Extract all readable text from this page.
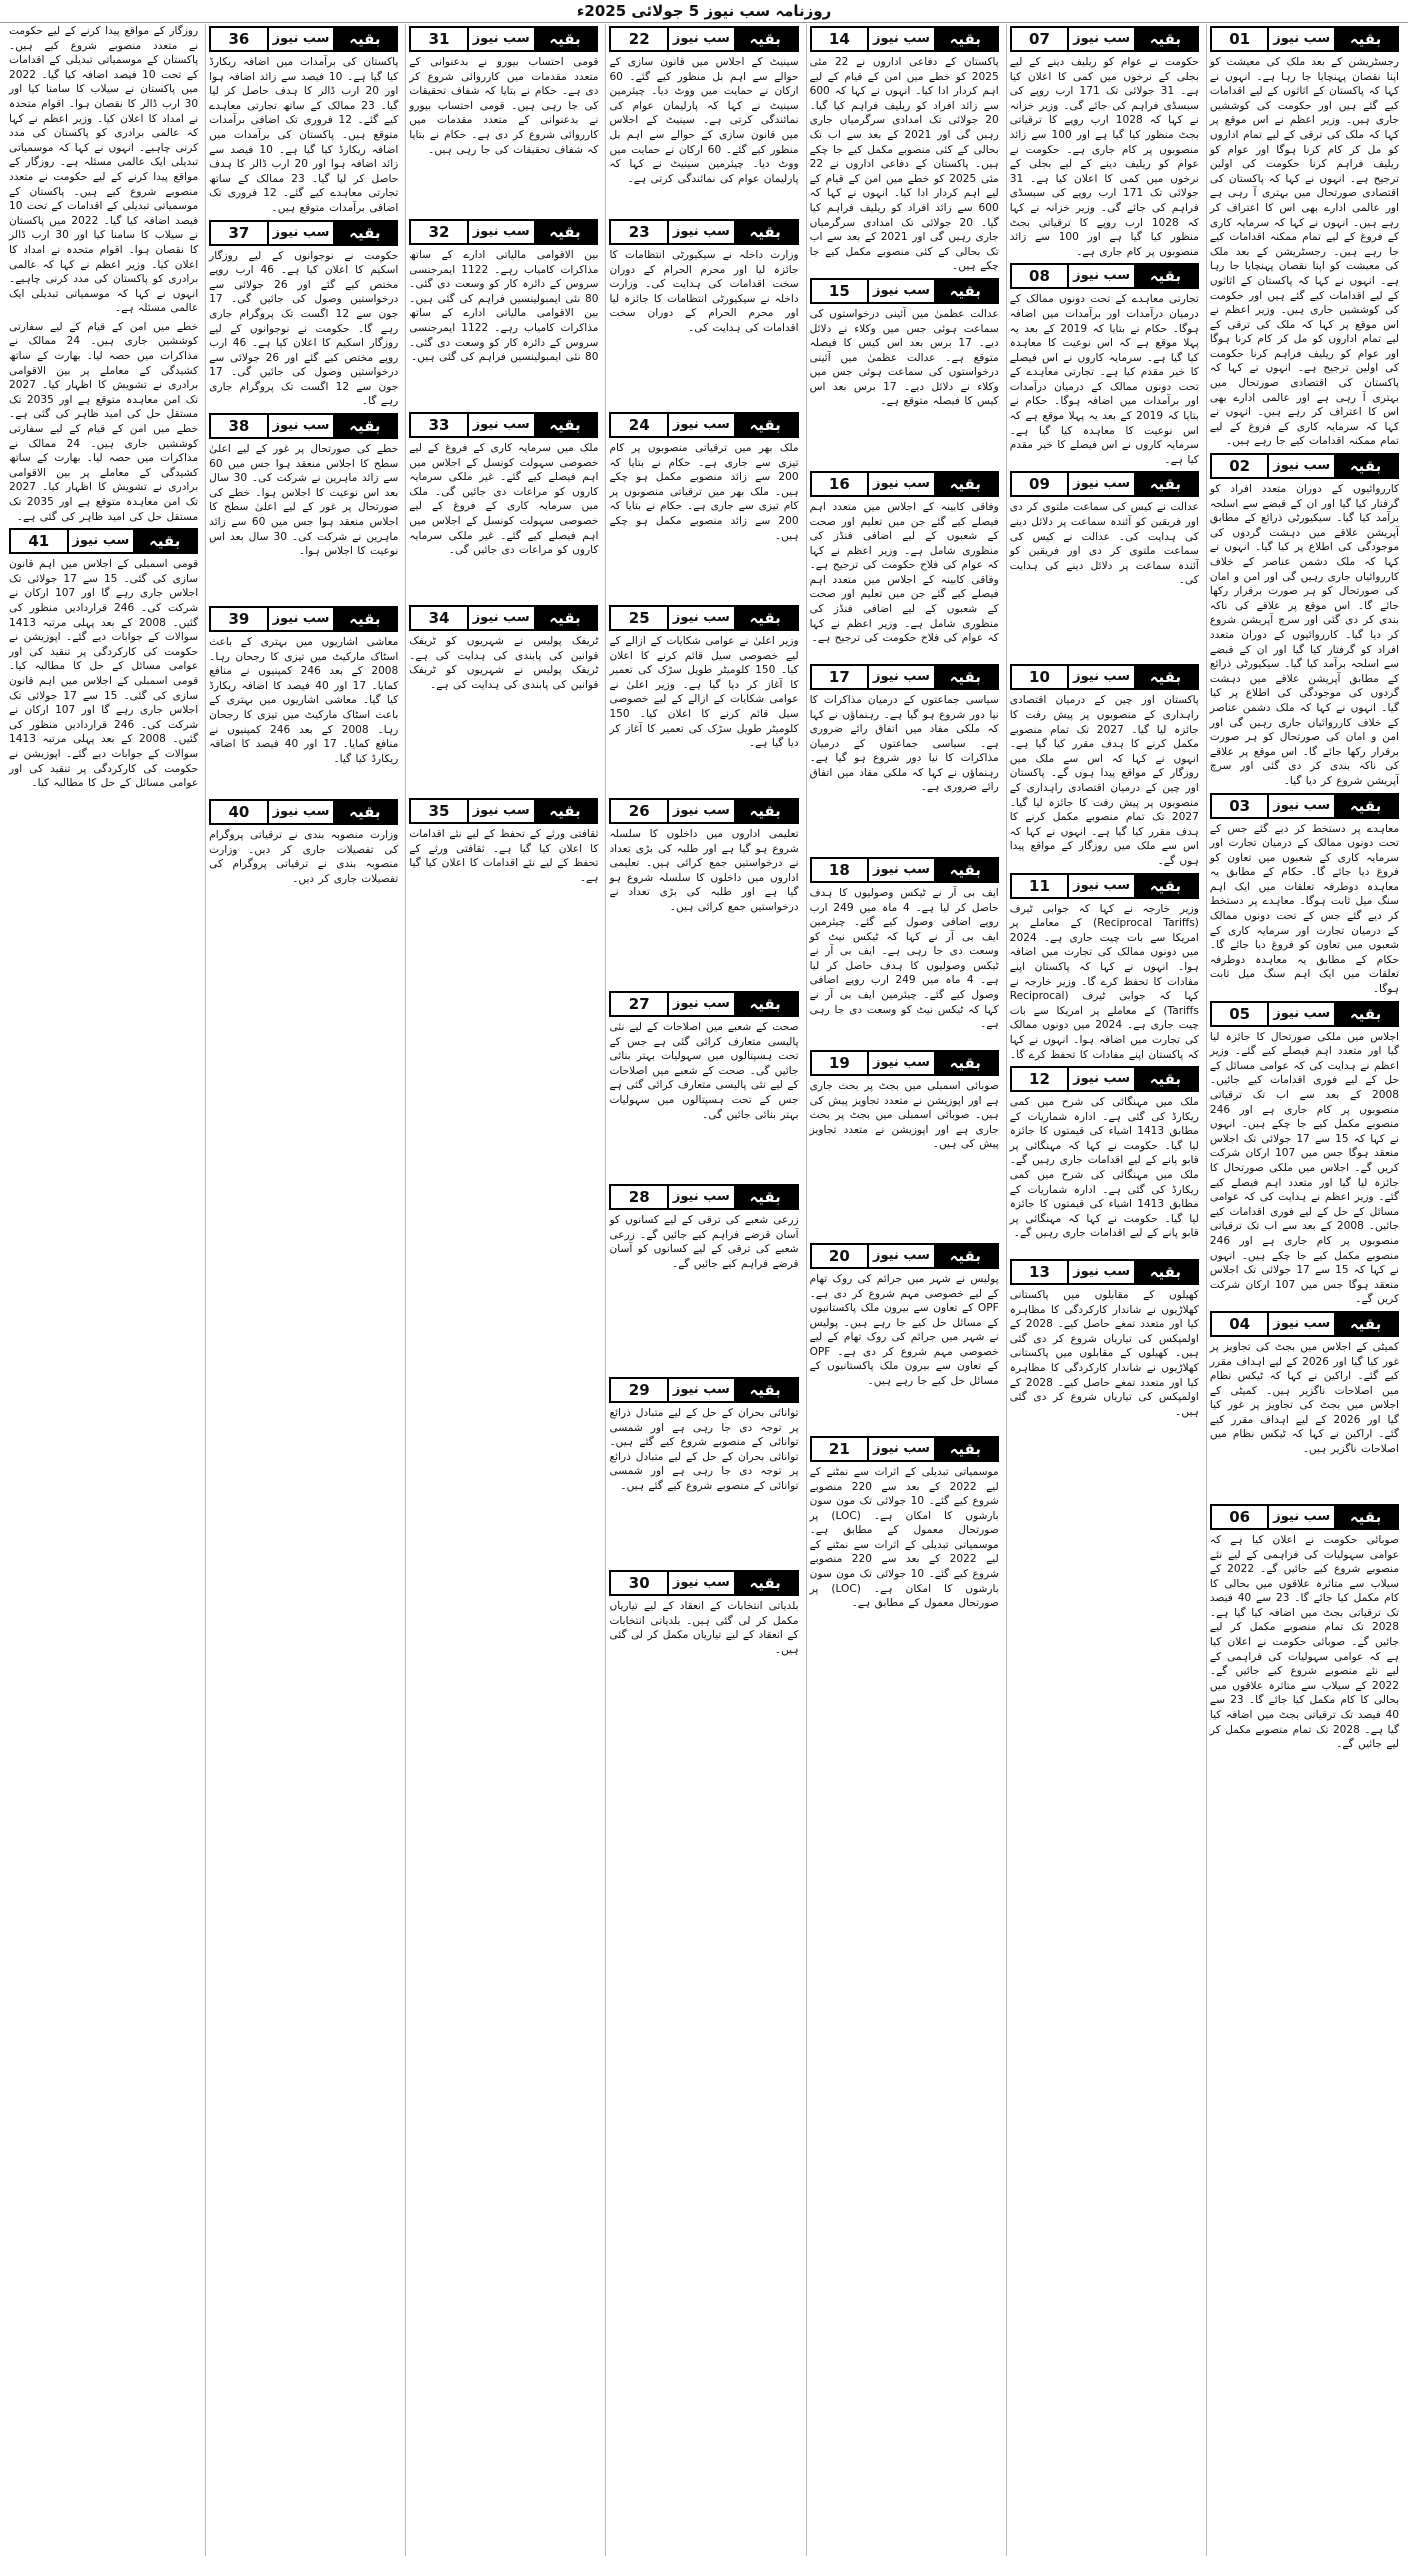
روزنامہ سب نیوز 5 جولائی 2025ء
01	سب نیوز	بقیہ
رجسٹریشن کے بعد ملک کی معیشت کو اپنا نقصان پہنچایا جا رہا ہے۔ انہوں نے کہا کہ پاکستان کے اثاثوں کے لیے اقدامات کیے گئے ہیں اور حکومت کی کوششیں جاری ہیں۔ وزیر اعظم نے اس موقع پر کہا کہ ملک کی ترقی کے لیے تمام اداروں کو مل کر کام کرنا ہوگا اور عوام کو ریلیف فراہم کرنا حکومت کی اولین ترجیح ہے۔ انہوں نے کہا کہ پاکستان کی اقتصادی صورتحال میں بہتری آ رہی ہے اور عالمی ادارے بھی اس کا اعتراف کر رہے ہیں۔ انہوں نے کہا کہ سرمایہ کاری کے فروغ کے لیے تمام ممکنہ اقدامات کیے جا رہے ہیں۔ رجسٹریشن کے بعد ملک کی معیشت کو اپنا نقصان پہنچایا جا رہا ہے۔ انہوں نے کہا کہ پاکستان کے اثاثوں کے لیے اقدامات کیے گئے ہیں اور حکومت کی کوششیں جاری ہیں۔ وزیر اعظم نے اس موقع پر کہا کہ ملک کی ترقی کے لیے تمام اداروں کو مل کر کام کرنا ہوگا اور عوام کو ریلیف فراہم کرنا حکومت کی اولین ترجیح ہے۔ انہوں نے کہا کہ پاکستان کی اقتصادی صورتحال میں بہتری آ رہی ہے اور عالمی ادارے بھی اس کا اعتراف کر رہے ہیں۔ انہوں نے کہا کہ سرمایہ کاری کے فروغ کے لیے تمام ممکنہ اقدامات کیے جا رہے ہیں۔
02	سب نیوز	بقیہ
کارروائیوں کے دوران متعدد افراد کو گرفتار کیا گیا اور ان کے قبضے سے اسلحہ برآمد کیا گیا۔ سیکیورٹی ذرائع کے مطابق آپریشن علاقے میں دہشت گردوں کی موجودگی کی اطلاع پر کیا گیا۔ انہوں نے کہا کہ ملک دشمن عناصر کے خلاف کارروائیاں جاری رہیں گی اور امن و امان کی صورتحال کو ہر صورت برقرار رکھا جائے گا۔ اس موقع پر علاقے کی ناکہ بندی کر دی گئی اور سرچ آپریشن شروع کر دیا گیا۔ کارروائیوں کے دوران متعدد افراد کو گرفتار کیا گیا اور ان کے قبضے سے اسلحہ برآمد کیا گیا۔ سیکیورٹی ذرائع کے مطابق آپریشن علاقے میں دہشت گردوں کی موجودگی کی اطلاع پر کیا گیا۔ انہوں نے کہا کہ ملک دشمن عناصر کے خلاف کارروائیاں جاری رہیں گی اور امن و امان کی صورتحال کو ہر صورت برقرار رکھا جائے گا۔ اس موقع پر علاقے کی ناکہ بندی کر دی گئی اور سرچ آپریشن شروع کر دیا گیا۔
03	سب نیوز	بقیہ
معاہدے پر دستخط کر دیے گئے جس کے تحت دونوں ممالک کے درمیان تجارت اور سرمایہ کاری کے شعبوں میں تعاون کو فروغ دیا جائے گا۔ حکام کے مطابق یہ معاہدہ دوطرفہ تعلقات میں ایک اہم سنگ میل ثابت ہوگا۔ معاہدے پر دستخط کر دیے گئے جس کے تحت دونوں ممالک کے درمیان تجارت اور سرمایہ کاری کے شعبوں میں تعاون کو فروغ دیا جائے گا۔ حکام کے مطابق یہ معاہدہ دوطرفہ تعلقات میں ایک اہم سنگ میل ثابت ہوگا۔
05	سب نیوز	بقیہ
اجلاس میں ملکی صورتحال کا جائزہ لیا گیا اور متعدد اہم فیصلے کیے گئے۔ وزیر اعظم نے ہدایت کی کہ عوامی مسائل کے حل کے لیے فوری اقدامات کیے جائیں۔ 2008 کے بعد سے اب تک ترقیاتی منصوبوں پر کام جاری ہے اور 246 منصوبے مکمل کیے جا چکے ہیں۔ انہوں نے کہا کہ 15 سے 17 جولائی تک اجلاس منعقد ہوگا جس میں 107 ارکان شرکت کریں گے۔ اجلاس میں ملکی صورتحال کا جائزہ لیا گیا اور متعدد اہم فیصلے کیے گئے۔ وزیر اعظم نے ہدایت کی کہ عوامی مسائل کے حل کے لیے فوری اقدامات کیے جائیں۔ 2008 کے بعد سے اب تک ترقیاتی منصوبوں پر کام جاری ہے اور 246 منصوبے مکمل کیے جا چکے ہیں۔ انہوں نے کہا کہ 15 سے 17 جولائی تک اجلاس منعقد ہوگا جس میں 107 ارکان شرکت کریں گے۔
04	سب نیوز	بقیہ
کمیٹی کے اجلاس میں بجٹ کی تجاویز پر غور کیا گیا اور 2026 کے لیے اہداف مقرر کیے گئے۔ اراکین نے کہا کہ ٹیکس نظام میں اصلاحات ناگزیر ہیں۔ کمیٹی کے اجلاس میں بجٹ کی تجاویز پر غور کیا گیا اور 2026 کے لیے اہداف مقرر کیے گئے۔ اراکین نے کہا کہ ٹیکس نظام میں اصلاحات ناگزیر ہیں۔
06	سب نیوز	بقیہ
صوبائی حکومت نے اعلان کیا ہے کہ عوامی سہولیات کی فراہمی کے لیے نئے منصوبے شروع کیے جائیں گے۔ 2022 کے سیلاب سے متاثرہ علاقوں میں بحالی کا کام مکمل کیا جائے گا۔ 23 سے 40 فیصد تک ترقیاتی بجٹ میں اضافہ کیا گیا ہے۔ 2028 تک تمام منصوبے مکمل کر لیے جائیں گے۔ صوبائی حکومت نے اعلان کیا ہے کہ عوامی سہولیات کی فراہمی کے لیے نئے منصوبے شروع کیے جائیں گے۔ 2022 کے سیلاب سے متاثرہ علاقوں میں بحالی کا کام مکمل کیا جائے گا۔ 23 سے 40 فیصد تک ترقیاتی بجٹ میں اضافہ کیا گیا ہے۔ 2028 تک تمام منصوبے مکمل کر لیے جائیں گے۔
07	سب نیوز	بقیہ
حکومت نے عوام کو ریلیف دینے کے لیے بجلی کے نرخوں میں کمی کا اعلان کیا ہے۔ 31 جولائی تک 171 ارب روپے کی سبسڈی فراہم کی جائے گی۔ وزیر خزانہ نے کہا کہ 1028 ارب روپے کا ترقیاتی بجٹ منظور کیا گیا ہے اور 100 سے زائد منصوبوں پر کام جاری ہے۔ حکومت نے عوام کو ریلیف دینے کے لیے بجلی کے نرخوں میں کمی کا اعلان کیا ہے۔ 31 جولائی تک 171 ارب روپے کی سبسڈی فراہم کی جائے گی۔ وزیر خزانہ نے کہا کہ 1028 ارب روپے کا ترقیاتی بجٹ منظور کیا گیا ہے اور 100 سے زائد منصوبوں پر کام جاری ہے۔
08	سب نیوز	بقیہ
تجارتی معاہدے کے تحت دونوں ممالک کے درمیان درآمدات اور برآمدات میں اضافہ ہوگا۔ حکام نے بتایا کہ 2019 کے بعد یہ پہلا موقع ہے کہ اس نوعیت کا معاہدہ کیا گیا ہے۔ سرمایہ کاروں نے اس فیصلے کا خیر مقدم کیا ہے۔ تجارتی معاہدے کے تحت دونوں ممالک کے درمیان درآمدات اور برآمدات میں اضافہ ہوگا۔ حکام نے بتایا کہ 2019 کے بعد یہ پہلا موقع ہے کہ اس نوعیت کا معاہدہ کیا گیا ہے۔ سرمایہ کاروں نے اس فیصلے کا خیر مقدم کیا ہے۔
09	سب نیوز	بقیہ
عدالت نے کیس کی سماعت ملتوی کر دی اور فریقین کو آئندہ سماعت پر دلائل دینے کی ہدایت کی۔ عدالت نے کیس کی سماعت ملتوی کر دی اور فریقین کو آئندہ سماعت پر دلائل دینے کی ہدایت کی۔
10	سب نیوز	بقیہ
پاکستان اور چین کے درمیان اقتصادی راہداری کے منصوبوں پر پیش رفت کا جائزہ لیا گیا۔ 2027 تک تمام منصوبے مکمل کرنے کا ہدف مقرر کیا گیا ہے۔ انہوں نے کہا کہ اس سے ملک میں روزگار کے مواقع پیدا ہوں گے۔ پاکستان اور چین کے درمیان اقتصادی راہداری کے منصوبوں پر پیش رفت کا جائزہ لیا گیا۔ 2027 تک تمام منصوبے مکمل کرنے کا ہدف مقرر کیا گیا ہے۔ انہوں نے کہا کہ اس سے ملک میں روزگار کے مواقع پیدا ہوں گے۔
11	سب نیوز	بقیہ
وزیر خارجہ نے کہا کہ جوابی ٹیرف (Reciprocal Tariffs) کے معاملے پر امریکا سے بات چیت جاری ہے۔ 2024 میں دونوں ممالک کی تجارت میں اضافہ ہوا۔ انہوں نے کہا کہ پاکستان اپنے مفادات کا تحفظ کرے گا۔ وزیر خارجہ نے کہا کہ جوابی ٹیرف (Reciprocal Tariffs) کے معاملے پر امریکا سے بات چیت جاری ہے۔ 2024 میں دونوں ممالک کی تجارت میں اضافہ ہوا۔ انہوں نے کہا کہ پاکستان اپنے مفادات کا تحفظ کرے گا۔
12	سب نیوز	بقیہ
ملک میں مہنگائی کی شرح میں کمی ریکارڈ کی گئی ہے۔ ادارہ شماریات کے مطابق 1413 اشیاء کی قیمتوں کا جائزہ لیا گیا۔ حکومت نے کہا کہ مہنگائی پر قابو پانے کے لیے اقدامات جاری رہیں گے۔ ملک میں مہنگائی کی شرح میں کمی ریکارڈ کی گئی ہے۔ ادارہ شماریات کے مطابق 1413 اشیاء کی قیمتوں کا جائزہ لیا گیا۔ حکومت نے کہا کہ مہنگائی پر قابو پانے کے لیے اقدامات جاری رہیں گے۔
13	سب نیوز	بقیہ
کھیلوں کے مقابلوں میں پاکستانی کھلاڑیوں نے شاندار کارکردگی کا مظاہرہ کیا اور متعدد تمغے حاصل کیے۔ 2028 کے اولمپکس کی تیاریاں شروع کر دی گئی ہیں۔ کھیلوں کے مقابلوں میں پاکستانی کھلاڑیوں نے شاندار کارکردگی کا مظاہرہ کیا اور متعدد تمغے حاصل کیے۔ 2028 کے اولمپکس کی تیاریاں شروع کر دی گئی ہیں۔
14	سب نیوز	بقیہ
پاکستان کے دفاعی اداروں نے 22 مئی 2025 کو خطے میں امن کے قیام کے لیے اہم کردار ادا کیا۔ انہوں نے کہا کہ 600 سے زائد افراد کو ریلیف فراہم کیا گیا۔ 20 جولائی تک امدادی سرگرمیاں جاری رہیں گی اور 2021 کے بعد سے اب تک بحالی کے کئی منصوبے مکمل کیے جا چکے ہیں۔ پاکستان کے دفاعی اداروں نے 22 مئی 2025 کو خطے میں امن کے قیام کے لیے اہم کردار ادا کیا۔ انہوں نے کہا کہ 600 سے زائد افراد کو ریلیف فراہم کیا گیا۔ 20 جولائی تک امدادی سرگرمیاں جاری رہیں گی اور 2021 کے بعد سے اب تک بحالی کے کئی منصوبے مکمل کیے جا چکے ہیں۔
15	سب نیوز	بقیہ
عدالت عظمیٰ میں آئینی درخواستوں کی سماعت ہوئی جس میں وکلاء نے دلائل دیے۔ 17 برس بعد اس کیس کا فیصلہ متوقع ہے۔ عدالت عظمیٰ میں آئینی درخواستوں کی سماعت ہوئی جس میں وکلاء نے دلائل دیے۔ 17 برس بعد اس کیس کا فیصلہ متوقع ہے۔
16	سب نیوز	بقیہ
وفاقی کابینہ کے اجلاس میں متعدد اہم فیصلے کیے گئے جن میں تعلیم اور صحت کے شعبوں کے لیے اضافی فنڈز کی منظوری شامل ہے۔ وزیر اعظم نے کہا کہ عوام کی فلاح حکومت کی ترجیح ہے۔ وفاقی کابینہ کے اجلاس میں متعدد اہم فیصلے کیے گئے جن میں تعلیم اور صحت کے شعبوں کے لیے اضافی فنڈز کی منظوری شامل ہے۔ وزیر اعظم نے کہا کہ عوام کی فلاح حکومت کی ترجیح ہے۔
17	سب نیوز	بقیہ
سیاسی جماعتوں کے درمیان مذاکرات کا نیا دور شروع ہو گیا ہے۔ رہنماؤں نے کہا کہ ملکی مفاد میں اتفاق رائے ضروری ہے۔ سیاسی جماعتوں کے درمیان مذاکرات کا نیا دور شروع ہو گیا ہے۔ رہنماؤں نے کہا کہ ملکی مفاد میں اتفاق رائے ضروری ہے۔
18	سب نیوز	بقیہ
ایف بی آر نے ٹیکس وصولیوں کا ہدف حاصل کر لیا ہے۔ 4 ماہ میں 249 ارب روپے اضافی وصول کیے گئے۔ چیئرمین ایف بی آر نے کہا کہ ٹیکس نیٹ کو وسعت دی جا رہی ہے۔ ایف بی آر نے ٹیکس وصولیوں کا ہدف حاصل کر لیا ہے۔ 4 ماہ میں 249 ارب روپے اضافی وصول کیے گئے۔ چیئرمین ایف بی آر نے کہا کہ ٹیکس نیٹ کو وسعت دی جا رہی ہے۔
19	سب نیوز	بقیہ
صوبائی اسمبلی میں بجٹ پر بحث جاری ہے اور اپوزیشن نے متعدد تجاویز پیش کی ہیں۔ صوبائی اسمبلی میں بجٹ پر بحث جاری ہے اور اپوزیشن نے متعدد تجاویز پیش کی ہیں۔
20	سب نیوز	بقیہ
پولیس نے شہر میں جرائم کی روک تھام کے لیے خصوصی مہم شروع کر دی ہے۔ OPF کے تعاون سے بیرون ملک پاکستانیوں کے مسائل حل کیے جا رہے ہیں۔ پولیس نے شہر میں جرائم کی روک تھام کے لیے خصوصی مہم شروع کر دی ہے۔ OPF کے تعاون سے بیرون ملک پاکستانیوں کے مسائل حل کیے جا رہے ہیں۔
21	سب نیوز	بقیہ
موسمیاتی تبدیلی کے اثرات سے نمٹنے کے لیے 2022 کے بعد سے 220 منصوبے شروع کیے گئے۔ 10 جولائی تک مون سون بارشوں کا امکان ہے۔ (LOC) پر صورتحال معمول کے مطابق ہے۔ موسمیاتی تبدیلی کے اثرات سے نمٹنے کے لیے 2022 کے بعد سے 220 منصوبے شروع کیے گئے۔ 10 جولائی تک مون سون بارشوں کا امکان ہے۔ (LOC) پر صورتحال معمول کے مطابق ہے۔
22	سب نیوز	بقیہ
سینیٹ کے اجلاس میں قانون سازی کے حوالے سے اہم بل منظور کیے گئے۔ 60 ارکان نے حمایت میں ووٹ دیا۔ چیئرمین سینیٹ نے کہا کہ پارلیمان عوام کی نمائندگی کرتی ہے۔ سینیٹ کے اجلاس میں قانون سازی کے حوالے سے اہم بل منظور کیے گئے۔ 60 ارکان نے حمایت میں ووٹ دیا۔ چیئرمین سینیٹ نے کہا کہ پارلیمان عوام کی نمائندگی کرتی ہے۔
23	سب نیوز	بقیہ
وزارت داخلہ نے سیکیورٹی انتظامات کا جائزہ لیا اور محرم الحرام کے دوران سخت اقدامات کی ہدایت کی۔ وزارت داخلہ نے سیکیورٹی انتظامات کا جائزہ لیا اور محرم الحرام کے دوران سخت اقدامات کی ہدایت کی۔
24	سب نیوز	بقیہ
ملک بھر میں ترقیاتی منصوبوں پر کام تیزی سے جاری ہے۔ حکام نے بتایا کہ 200 سے زائد منصوبے مکمل ہو چکے ہیں۔ ملک بھر میں ترقیاتی منصوبوں پر کام تیزی سے جاری ہے۔ حکام نے بتایا کہ 200 سے زائد منصوبے مکمل ہو چکے ہیں۔
25	سب نیوز	بقیہ
وزیر اعلیٰ نے عوامی شکایات کے ازالے کے لیے خصوصی سیل قائم کرنے کا اعلان کیا۔ 150 کلومیٹر طویل سڑک کی تعمیر کا آغاز کر دیا گیا ہے۔ وزیر اعلیٰ نے عوامی شکایات کے ازالے کے لیے خصوصی سیل قائم کرنے کا اعلان کیا۔ 150 کلومیٹر طویل سڑک کی تعمیر کا آغاز کر دیا گیا ہے۔
26	سب نیوز	بقیہ
تعلیمی اداروں میں داخلوں کا سلسلہ شروع ہو گیا ہے اور طلبہ کی بڑی تعداد نے درخواستیں جمع کرائی ہیں۔ تعلیمی اداروں میں داخلوں کا سلسلہ شروع ہو گیا ہے اور طلبہ کی بڑی تعداد نے درخواستیں جمع کرائی ہیں۔
27	سب نیوز	بقیہ
صحت کے شعبے میں اصلاحات کے لیے نئی پالیسی متعارف کرائی گئی ہے جس کے تحت ہسپتالوں میں سہولیات بہتر بنائی جائیں گی۔ صحت کے شعبے میں اصلاحات کے لیے نئی پالیسی متعارف کرائی گئی ہے جس کے تحت ہسپتالوں میں سہولیات بہتر بنائی جائیں گی۔
28	سب نیوز	بقیہ
زرعی شعبے کی ترقی کے لیے کسانوں کو آسان قرضے فراہم کیے جائیں گے۔ زرعی شعبے کی ترقی کے لیے کسانوں کو آسان قرضے فراہم کیے جائیں گے۔
29	سب نیوز	بقیہ
توانائی بحران کے حل کے لیے متبادل ذرائع پر توجہ دی جا رہی ہے اور شمسی توانائی کے منصوبے شروع کیے گئے ہیں۔ توانائی بحران کے حل کے لیے متبادل ذرائع پر توجہ دی جا رہی ہے اور شمسی توانائی کے منصوبے شروع کیے گئے ہیں۔
30	سب نیوز	بقیہ
بلدیاتی انتخابات کے انعقاد کے لیے تیاریاں مکمل کر لی گئی ہیں۔ بلدیاتی انتخابات کے انعقاد کے لیے تیاریاں مکمل کر لی گئی ہیں۔
31	سب نیوز	بقیہ
قومی احتساب بیورو نے بدعنوانی کے متعدد مقدمات میں کارروائی شروع کر دی ہے۔ حکام نے بتایا کہ شفاف تحقیقات کی جا رہی ہیں۔ قومی احتساب بیورو نے بدعنوانی کے متعدد مقدمات میں کارروائی شروع کر دی ہے۔ حکام نے بتایا کہ شفاف تحقیقات کی جا رہی ہیں۔
32	سب نیوز	بقیہ
بین الاقوامی مالیاتی ادارے کے ساتھ مذاکرات کامیاب رہے۔ 1122 ایمرجنسی سروس کے دائرہ کار کو وسعت دی گئی۔ 80 نئی ایمبولینسیں فراہم کی گئی ہیں۔ بین الاقوامی مالیاتی ادارے کے ساتھ مذاکرات کامیاب رہے۔ 1122 ایمرجنسی سروس کے دائرہ کار کو وسعت دی گئی۔ 80 نئی ایمبولینسیں فراہم کی گئی ہیں۔
33	سب نیوز	بقیہ
ملک میں سرمایہ کاری کے فروغ کے لیے خصوصی سہولت کونسل کے اجلاس میں اہم فیصلے کیے گئے۔ غیر ملکی سرمایہ کاروں کو مراعات دی جائیں گی۔ ملک میں سرمایہ کاری کے فروغ کے لیے خصوصی سہولت کونسل کے اجلاس میں اہم فیصلے کیے گئے۔ غیر ملکی سرمایہ کاروں کو مراعات دی جائیں گی۔
34	سب نیوز	بقیہ
ٹریفک پولیس نے شہریوں کو ٹریفک قوانین کی پابندی کی ہدایت کی ہے۔ ٹریفک پولیس نے شہریوں کو ٹریفک قوانین کی پابندی کی ہدایت کی ہے۔
35	سب نیوز	بقیہ
ثقافتی ورثے کے تحفظ کے لیے نئے اقدامات کا اعلان کیا گیا ہے۔ ثقافتی ورثے کے تحفظ کے لیے نئے اقدامات کا اعلان کیا گیا ہے۔
36	سب نیوز	بقیہ
پاکستان کی برآمدات میں اضافہ ریکارڈ کیا گیا ہے۔ 10 فیصد سے زائد اضافہ ہوا اور 20 ارب ڈالر کا ہدف حاصل کر لیا گیا۔ 23 ممالک کے ساتھ تجارتی معاہدے کیے گئے۔ 12 فروری تک اضافی برآمدات متوقع ہیں۔ پاکستان کی برآمدات میں اضافہ ریکارڈ کیا گیا ہے۔ 10 فیصد سے زائد اضافہ ہوا اور 20 ارب ڈالر کا ہدف حاصل کر لیا گیا۔ 23 ممالک کے ساتھ تجارتی معاہدے کیے گئے۔ 12 فروری تک اضافی برآمدات متوقع ہیں۔
37	سب نیوز	بقیہ
حکومت نے نوجوانوں کے لیے روزگار اسکیم کا اعلان کیا ہے۔ 46 ارب روپے مختص کیے گئے اور 26 جولائی سے درخواستیں وصول کی جائیں گی۔ 17 جون سے 12 اگست تک پروگرام جاری رہے گا۔ حکومت نے نوجوانوں کے لیے روزگار اسکیم کا اعلان کیا ہے۔ 46 ارب روپے مختص کیے گئے اور 26 جولائی سے درخواستیں وصول کی جائیں گی۔ 17 جون سے 12 اگست تک پروگرام جاری رہے گا۔
38	سب نیوز	بقیہ
خطے کی صورتحال پر غور کے لیے اعلیٰ سطح کا اجلاس منعقد ہوا جس میں 60 سے زائد ماہرین نے شرکت کی۔ 30 سال بعد اس نوعیت کا اجلاس ہوا۔ خطے کی صورتحال پر غور کے لیے اعلیٰ سطح کا اجلاس منعقد ہوا جس میں 60 سے زائد ماہرین نے شرکت کی۔ 30 سال بعد اس نوعیت کا اجلاس ہوا۔
39	سب نیوز	بقیہ
معاشی اشاریوں میں بہتری کے باعث اسٹاک مارکیٹ میں تیزی کا رجحان رہا۔ 2008 کے بعد 246 کمپنیوں نے منافع کمایا۔ 17 اور 40 فیصد کا اضافہ ریکارڈ کیا گیا۔ معاشی اشاریوں میں بہتری کے باعث اسٹاک مارکیٹ میں تیزی کا رجحان رہا۔ 2008 کے بعد 246 کمپنیوں نے منافع کمایا۔ 17 اور 40 فیصد کا اضافہ ریکارڈ کیا گیا۔
40	سب نیوز	بقیہ
وزارت منصوبہ بندی نے ترقیاتی پروگرام کی تفصیلات جاری کر دیں۔ وزارت منصوبہ بندی نے ترقیاتی پروگرام کی تفصیلات جاری کر دیں۔
روزگار کے مواقع پیدا کرنے کے لیے حکومت نے متعدد منصوبے شروع کیے ہیں۔ پاکستان کے موسمیاتی تبدیلی کے اقدامات کے تحت 10 فیصد اضافہ کیا گیا۔ 2022 میں پاکستان نے سیلاب کا سامنا کیا اور 30 ارب ڈالر کا نقصان ہوا۔ اقوام متحدہ نے امداد کا اعلان کیا۔ وزیر اعظم نے کہا کہ عالمی برادری کو پاکستان کی مدد کرنی چاہیے۔ انہوں نے کہا کہ موسمیاتی تبدیلی ایک عالمی مسئلہ ہے۔ روزگار کے مواقع پیدا کرنے کے لیے حکومت نے متعدد منصوبے شروع کیے ہیں۔ پاکستان کے موسمیاتی تبدیلی کے اقدامات کے تحت 10 فیصد اضافہ کیا گیا۔ 2022 میں پاکستان نے سیلاب کا سامنا کیا اور 30 ارب ڈالر کا نقصان ہوا۔ اقوام متحدہ نے امداد کا اعلان کیا۔ وزیر اعظم نے کہا کہ عالمی برادری کو پاکستان کی مدد کرنی چاہیے۔ انہوں نے کہا کہ موسمیاتی تبدیلی ایک عالمی مسئلہ ہے۔
خطے میں امن کے قیام کے لیے سفارتی کوششیں جاری ہیں۔ 24 ممالک نے مذاکرات میں حصہ لیا۔ بھارت کے ساتھ کشیدگی کے معاملے پر بین الاقوامی برادری نے تشویش کا اظہار کیا۔ 2027 تک امن معاہدہ متوقع ہے اور 2035 تک مستقل حل کی امید ظاہر کی گئی ہے۔ خطے میں امن کے قیام کے لیے سفارتی کوششیں جاری ہیں۔ 24 ممالک نے مذاکرات میں حصہ لیا۔ بھارت کے ساتھ کشیدگی کے معاملے پر بین الاقوامی برادری نے تشویش کا اظہار کیا۔ 2027 تک امن معاہدہ متوقع ہے اور 2035 تک مستقل حل کی امید ظاہر کی گئی ہے۔
41	سب نیوز	بقیہ
قومی اسمبلی کے اجلاس میں اہم قانون سازی کی گئی۔ 15 سے 17 جولائی تک اجلاس جاری رہے گا اور 107 ارکان نے شرکت کی۔ 246 قراردادیں منظور کی گئیں۔ 2008 کے بعد پہلی مرتبہ 1413 سوالات کے جوابات دیے گئے۔ اپوزیشن نے حکومت کی کارکردگی پر تنقید کی اور عوامی مسائل کے حل کا مطالبہ کیا۔ قومی اسمبلی کے اجلاس میں اہم قانون سازی کی گئی۔ 15 سے 17 جولائی تک اجلاس جاری رہے گا اور 107 ارکان نے شرکت کی۔ 246 قراردادیں منظور کی گئیں۔ 2008 کے بعد پہلی مرتبہ 1413 سوالات کے جوابات دیے گئے۔ اپوزیشن نے حکومت کی کارکردگی پر تنقید کی اور عوامی مسائل کے حل کا مطالبہ کیا۔
